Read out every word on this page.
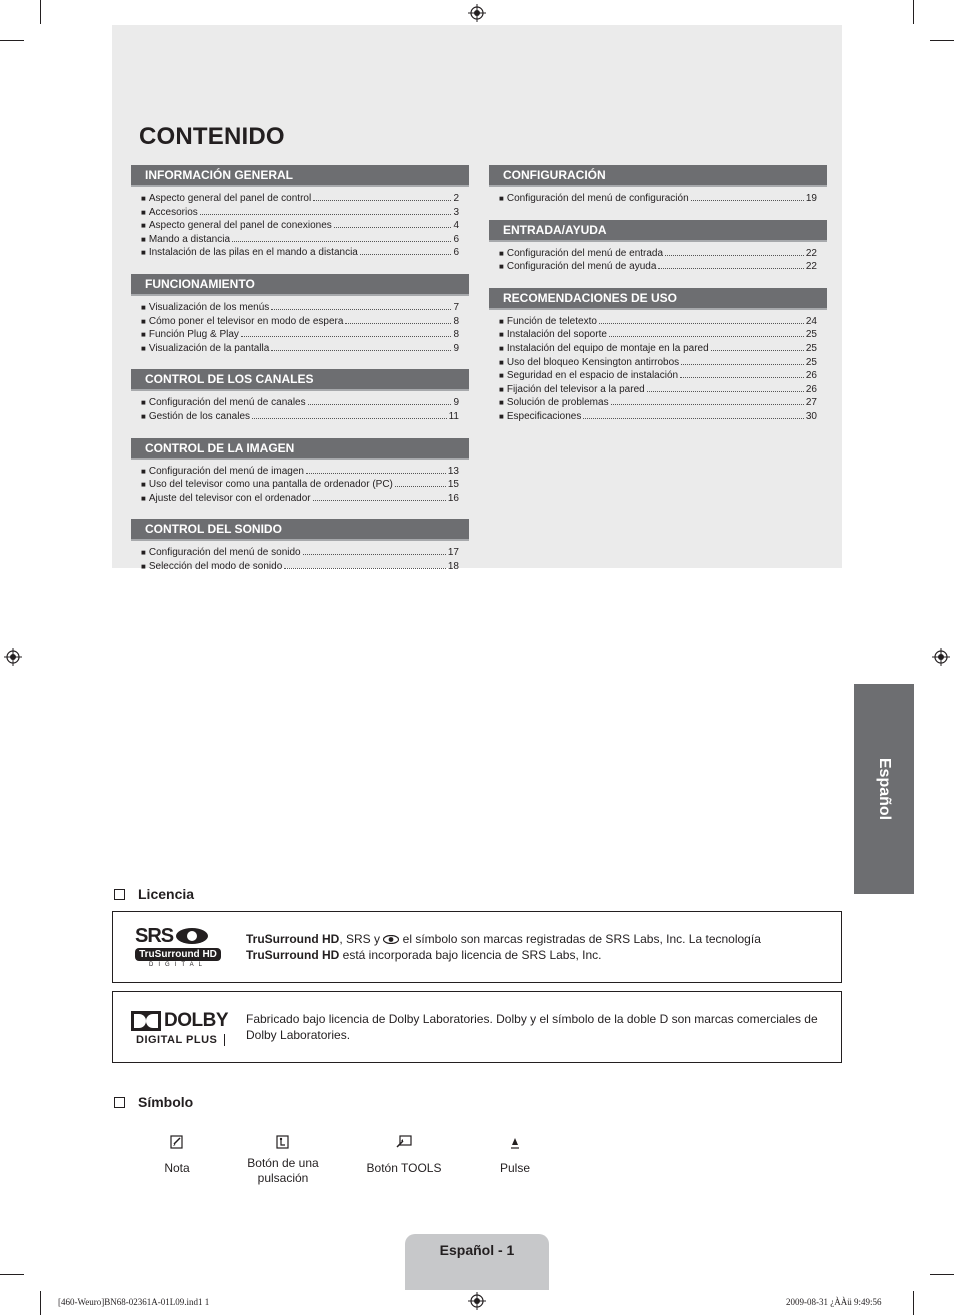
CONTENIDO
INFORMACIÓN GENERAL
■ Aspecto general del panel de control	2
■ Accesorios	3
■ Aspecto general del panel de conexiones	4
■ Mando a distancia	6
■ Instalación de las pilas en el mando a distancia	6
FUNCIONAMIENTO
■ Visualización de los menús	7
■ Cómo poner el televisor en modo de espera	8
■ Función Plug & Play	8
■ Visualización de la pantalla	9
CONTROL DE LOS CANALES
■ Configuración del menú de canales	9
■ Gestión de los canales	11
CONTROL DE LA IMAGEN
■ Configuración del menú de imagen	13
■ Uso del televisor como una pantalla de ordenador (PC)	15
■ Ajuste del televisor con el ordenador	16
CONTROL DEL SONIDO
■ Configuración del menú de sonido	17
■ Selección del modo de sonido	18
CONFIGURACIÓN
■ Configuración del menú de configuración	19
ENTRADA/AYUDA
■ Configuración del menú de entrada	22
■ Configuración del menú de ayuda	22
RECOMENDACIONES DE USO
■ Función de teletexto	24
■ Instalación del soporte	25
■ Instalación del equipo de montaje en la pared	25
■ Uso del bloqueo Kensington antirrobos	25
■ Seguridad en el espacio de instalación	26
■ Fijación del televisor a la pared	26
■ Solución de problemas	27
■ Especificaciones	30
Español
Licencia
SRS
TruSurround HD
DIGITAL
TruSurround HD, SRS y  el símbolo son marcas registradas de SRS Labs, Inc. La tecnología
TruSurround HD está incorporada bajo licencia de SRS Labs, Inc.
DOLBY
DIGITAL PLUS
Fabricado bajo licencia de Dolby Laboratories. Dolby y el símbolo de la doble D son marcas comerciales de Dolby Laboratories.
Símbolo
Nota	Botón de una pulsación
Botón TOOLS	Pulse
Español - 1
[460-Weuro]BN68-02361A-01L09.ind1 1	2009-08-31 ¿ÀÀü 9:49:56
